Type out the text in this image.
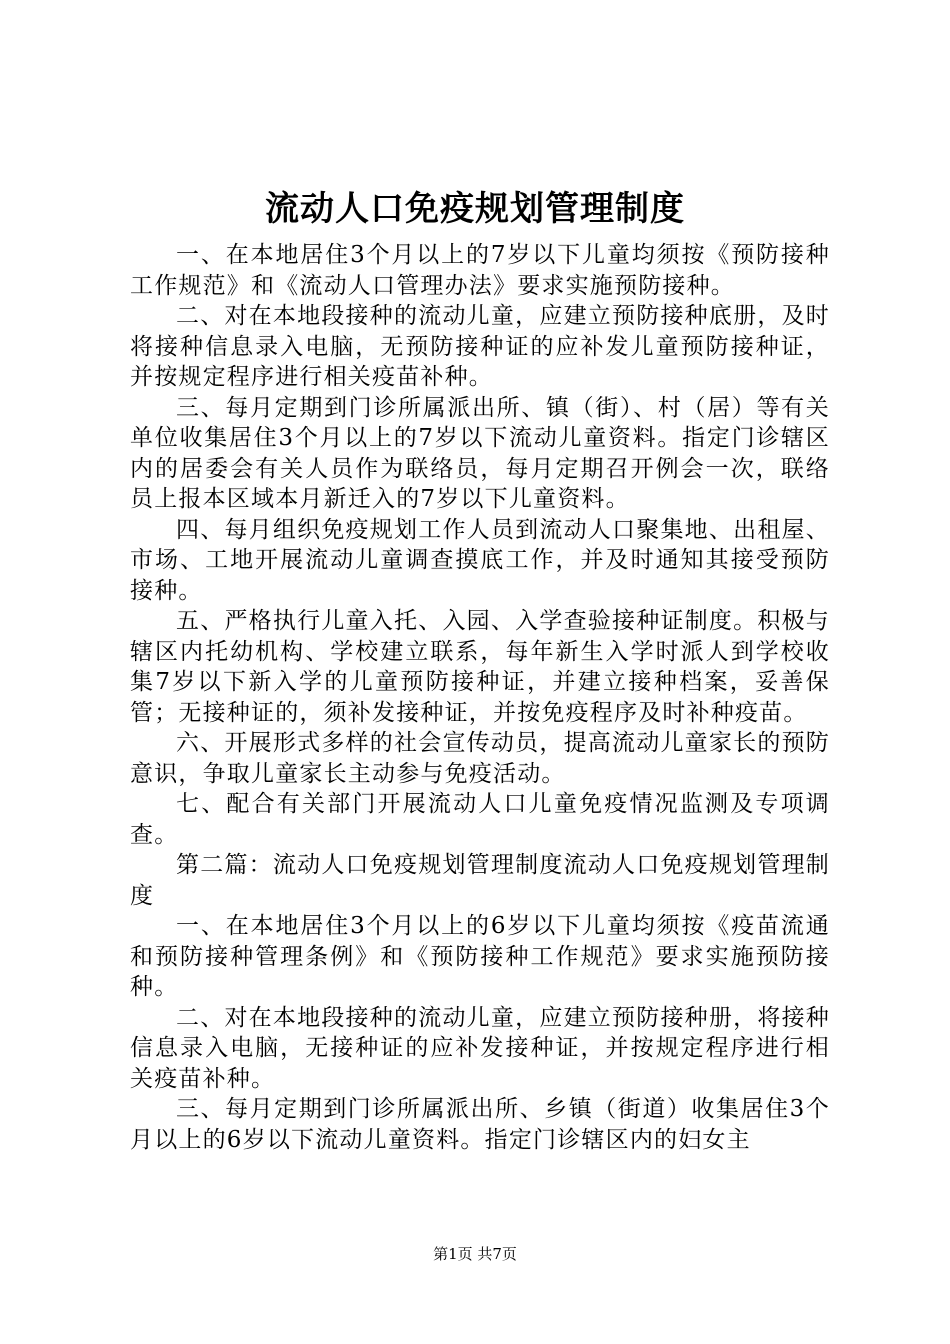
流动人口免疫规划管理制度

一、在本地居住3个月以上的7岁以下儿童均须按《预防接种工作规范》和《流动人口管理办法》要求实施预防接种。

二、对在本地段接种的流动儿童，应建立预防接种底册，及时将接种信息录入电脑，无预防接种证的应补发儿童预防接种证，并按规定程序进行相关疫苗补种。

三、每月定期到门诊所属派出所、镇（街）、村（居）等有关单位收集居住3个月以上的7岁以下流动儿童资料。指定门诊辖区内的居委会有关人员作为联络员，每月定期召开例会一次，联络员上报本区域本月新迁入的7岁以下儿童资料。

四、每月组织免疫规划工作人员到流动人口聚集地、出租屋、市场、工地开展流动儿童调查摸底工作，并及时通知其接受预防接种。

五、严格执行儿童入托、入园、入学查验接种证制度。积极与辖区内托幼机构、学校建立联系，每年新生入学时派人到学校收集7岁以下新入学的儿童预防接种证，并建立接种档案，妥善保管；无接种证的，须补发接种证，并按免疫程序及时补种疫苗。

六、开展形式多样的社会宣传动员，提高流动儿童家长的预防意识，争取儿童家长主动参与免疫活动。

七、配合有关部门开展流动人口儿童免疫情况监测及专项调查。

第二篇：流动人口免疫规划管理制度流动人口免疫规划管理制度

一、在本地居住3个月以上的6岁以下儿童均须按《疫苗流通和预防接种管理条例》和《预防接种工作规范》要求实施预防接种。

二、对在本地段接种的流动儿童，应建立预防接种册，将接种信息录入电脑，无接种证的应补发接种证，并按规定程序进行相关疫苗补种。

三、每月定期到门诊所属派出所、乡镇（街道）收集居住3个月以上的6岁以下流动儿童资料。指定门诊辖区内的妇女主

第1页 共7页
